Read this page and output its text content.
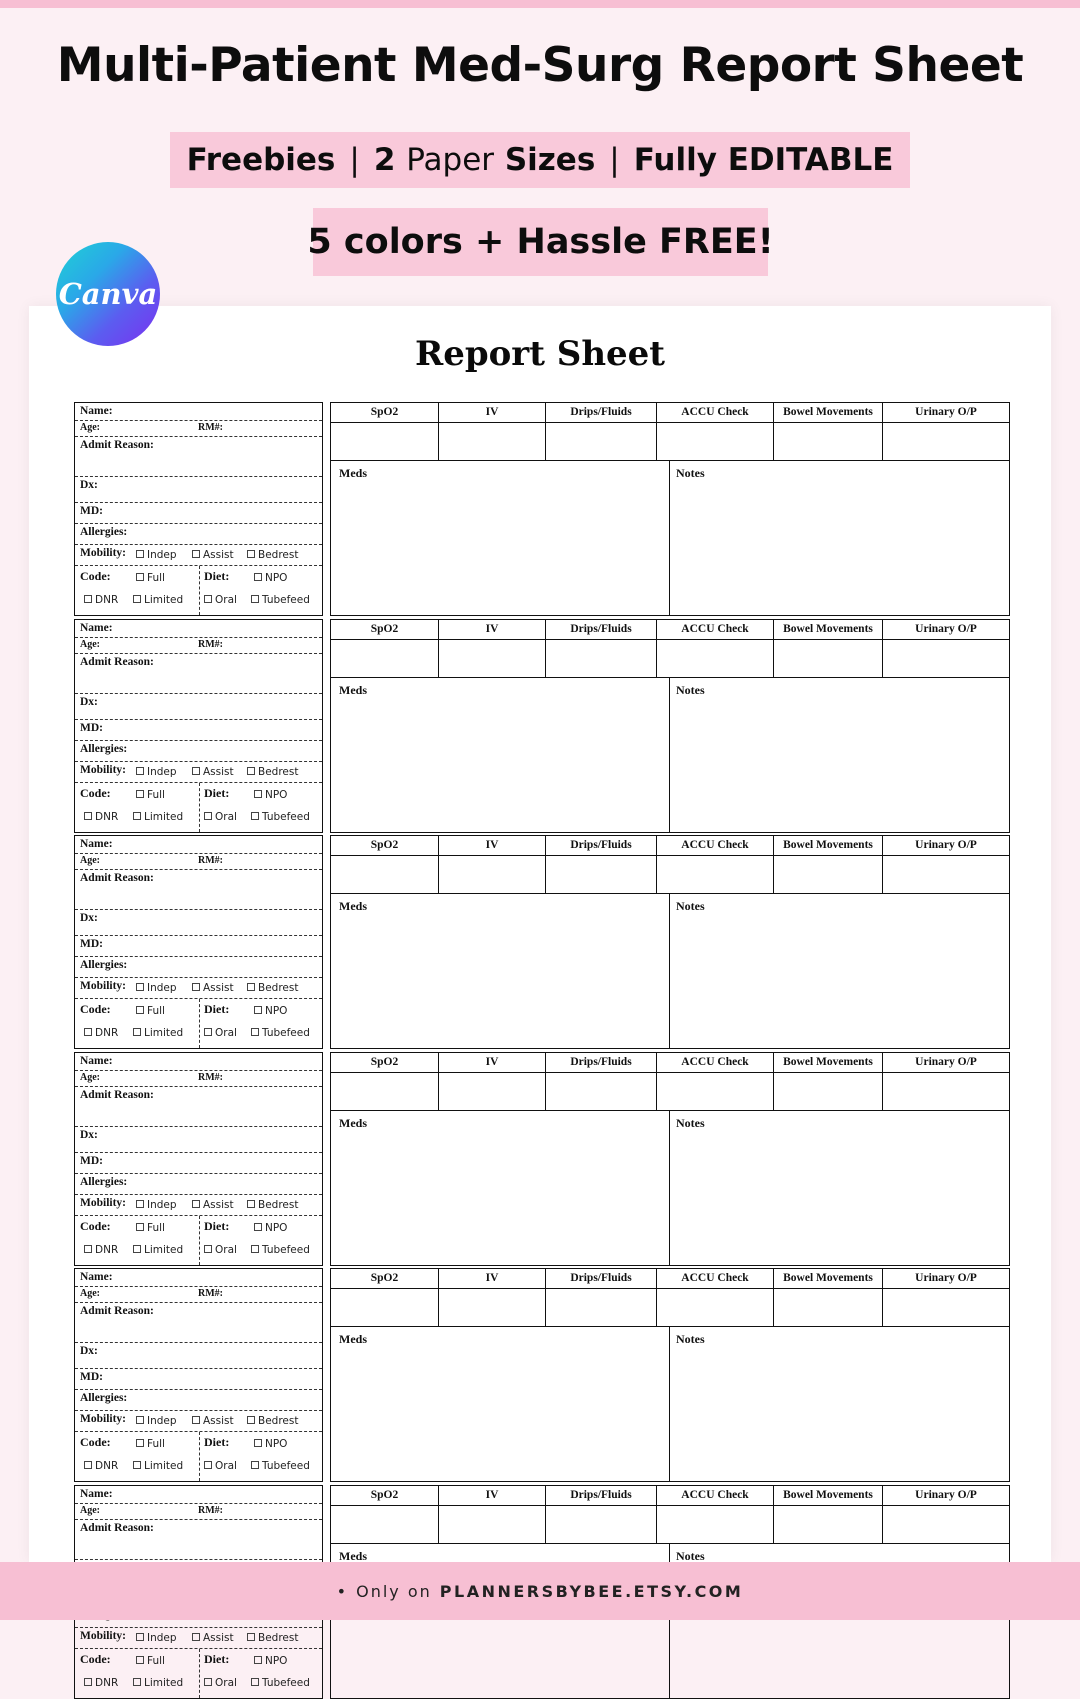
Multi-Patient Med-Surg Report Sheet
Freebies | 2
Paper
Sizes | Fully EDITABLE
5 colors + Hassle FREE!
Report Sheet
Name:
Age:	RM#:
Admit Reason:
Dx:
MD:
Allergies:
Mobility:	Indep	Assist	Bedrest
Code:	Full
DNR	Limited
Diet:	NPO
Oral	Tubefeed
SpO2	IV	Drips/Fluids	ACCU Check	Bowel Movements	Urinary O/P
Meds	Notes
Name:
Age:	RM#:
Admit Reason:
Dx:
MD:
Allergies:
Mobility:	Indep	Assist	Bedrest
Code:	Full
DNR	Limited
Diet:	NPO
Oral	Tubefeed
SpO2	IV	Drips/Fluids	ACCU Check	Bowel Movements	Urinary O/P
Meds	Notes
Name:
Age:	RM#:
Admit Reason:
Dx:
MD:
Allergies:
Mobility:	Indep	Assist	Bedrest
Code:	Full
DNR	Limited
Diet:	NPO
Oral	Tubefeed
SpO2	IV	Drips/Fluids	ACCU Check	Bowel Movements	Urinary O/P
Meds	Notes
Name:
Age:	RM#:
Admit Reason:
Dx:
MD:
Allergies:
Mobility:	Indep	Assist	Bedrest
Code:	Full
DNR	Limited
Diet:	NPO
Oral	Tubefeed
SpO2	IV	Drips/Fluids	ACCU Check	Bowel Movements	Urinary O/P
Meds	Notes
Name:
Age:	RM#:
Admit Reason:
Dx:
MD:
Allergies:
Mobility:	Indep	Assist	Bedrest
Code:	Full
DNR	Limited
Diet:	NPO
Oral	Tubefeed
SpO2	IV	Drips/Fluids	ACCU Check	Bowel Movements	Urinary O/P
Meds	Notes
Name:
Age:	RM#:
Admit Reason:
Mobility:	Indep	Assist	Bedrest
Code:	Full
DNR	Limited
Diet:	NPO
Oral	Tubefeed
SpO2	IV	Drips/Fluids	ACCU Check	Bowel Movements	Urinary O/P
Meds	Notes
Canva
• Only on PLANNERSBYBEE.ETSY.COM
